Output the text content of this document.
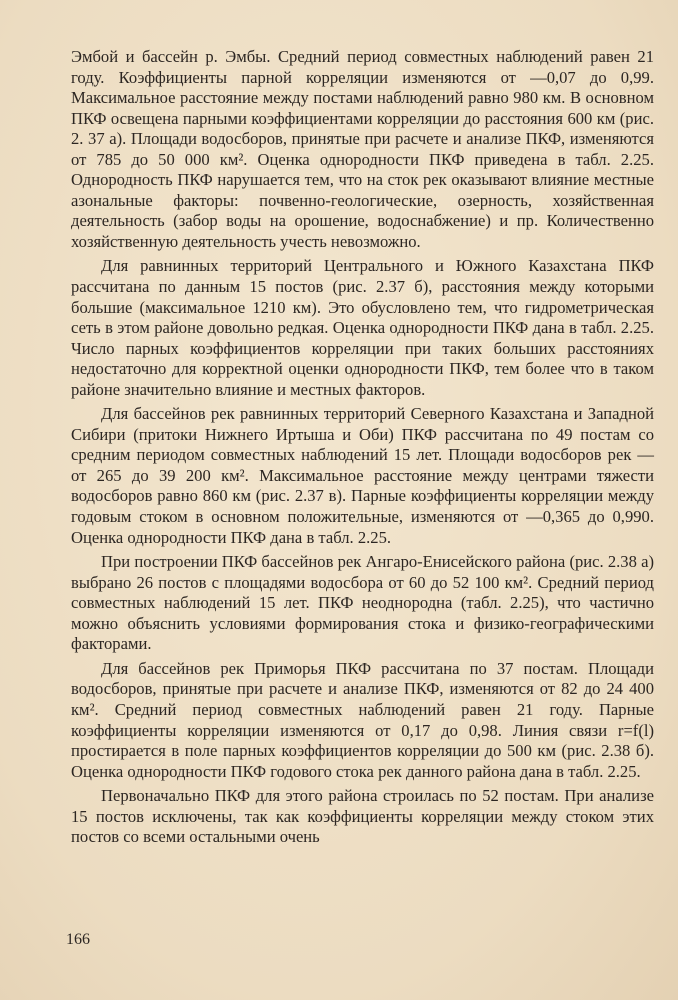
Эмбой и бассейн р. Эмбы. Средний период совместных наблюдений равен 21 году. Коэффициенты парной корреляции изменяются от —0,07 до 0,99. Максимальное расстояние между постами наблюдений равно 980 км. В основном ПКФ освещена парными коэффициентами корреляции до расстояния 600 км (рис. 2. 37 а). Площади водосборов, принятые при расчете и анализе ПКФ, изменяются от 785 до 50 000 км². Оценка однородности ПКФ приведена в табл. 2.25. Однородность ПКФ нарушается тем, что на сток рек оказывают влияние местные азональные факторы: почвенно-геологические, озерность, хозяйственная деятельность (забор воды на орошение, водоснабжение) и пр. Количественно хозяйственную деятельность учесть невозможно.

Для равнинных территорий Центрального и Южного Казахстана ПКФ рассчитана по данным 15 постов (рис. 2.37 б), расстояния между которыми большие (максимальное 1210 км). Это обусловлено тем, что гидрометрическая сеть в этом районе довольно редкая. Оценка однородности ПКФ дана в табл. 2.25. Число парных коэффициентов корреляции при таких больших расстояниях недостаточно для корректной оценки однородности ПКФ, тем более что в таком районе значительно влияние и местных факторов.

Для бассейнов рек равнинных территорий Северного Казахстана и Западной Сибири (притоки Нижнего Иртыша и Оби) ПКФ рассчитана по 49 постам со средним периодом совместных наблюдений 15 лет. Площади водосборов рек — от 265 до 39 200 км². Максимальное расстояние между центрами тяжести водосборов равно 860 км (рис. 2.37 в). Парные коэффициенты корреляции между годовым стоком в основном положительные, изменяются от —0,365 до 0,990. Оценка однородности ПКФ дана в табл. 2.25.

При построении ПКФ бассейнов рек Ангаро-Енисейского района (рис. 2.38 а) выбрано 26 постов с площадями водосбора от 60 до 52 100 км². Средний период совместных наблюдений 15 лет. ПКФ неоднородна (табл. 2.25), что частично можно объяснить условиями формирования стока и физико-географическими факторами.

Для бассейнов рек Приморья ПКФ рассчитана по 37 постам. Площади водосборов, принятые при расчете и анализе ПКФ, изменяются от 82 до 24 400 км². Средний период совместных наблюдений равен 21 году. Парные коэффициенты корреляции изменяются от 0,17 до 0,98. Линия связи r=f(l) простирается в поле парных коэффициентов корреляции до 500 км (рис. 2.38 б). Оценка однородности ПКФ годового стока рек данного района дана в табл. 2.25.

Первоначально ПКФ для этого района строилась по 52 постам. При анализе 15 постов исключены, так как коэффициенты корреляции между стоком этих постов со всеми остальными очень

166
